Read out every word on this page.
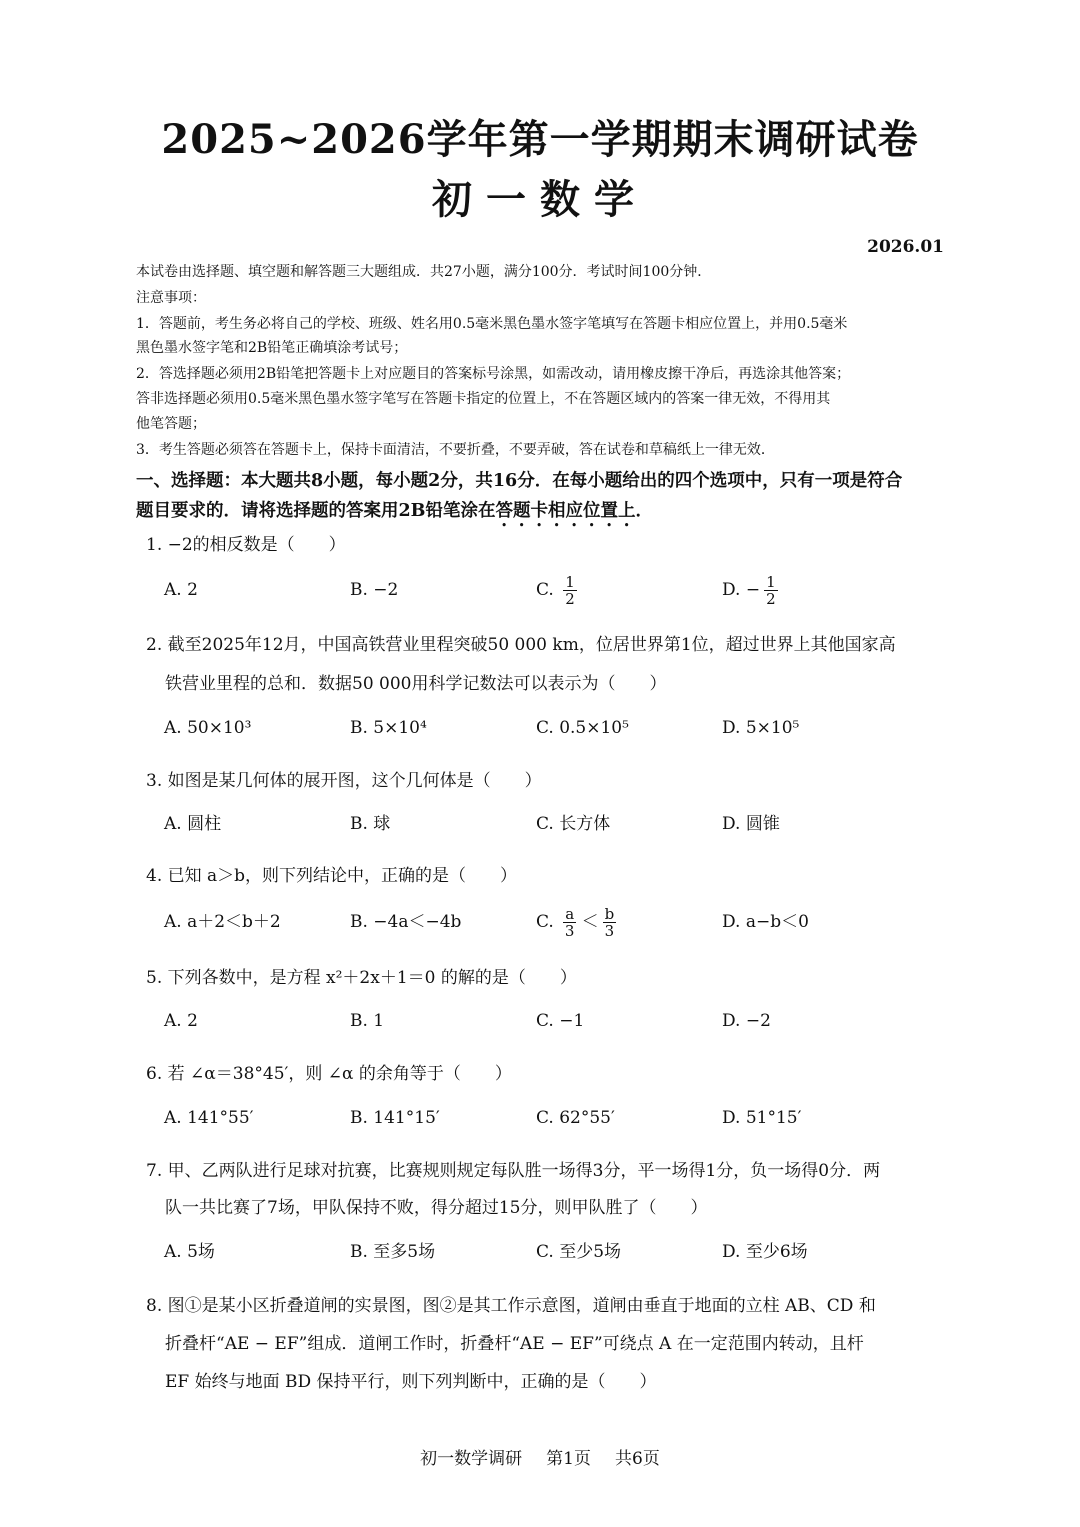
2025~2026学年第一学期期末调研试卷
初一数学
2026.01
本试卷由选择题、填空题和解答题三大题组成．共27小题，满分100分．考试时间100分钟．
注意事项：
1．答题前，考生务必将自己的学校、班级、姓名用0.5毫米黑色墨水签字笔填写在答题卡相应位置上，并用0.5毫米
黑色墨水签字笔和2B铅笔正确填涂考试号；
2．答选择题必须用2B铅笔把答题卡上对应题目的答案标号涂黑，如需改动，请用橡皮擦干净后，再选涂其他答案；
答非选择题必须用0.5毫米黑色墨水签字笔写在答题卡指定的位置上，不在答题区域内的答案一律无效，不得用其
他笔答题；
3．考生答题必须答在答题卡上，保持卡面清洁，不要折叠，不要弄破，答在试卷和草稿纸上一律无效．
一、选择题：本大题共8小题，每小题2分，共16分．在每小题给出的四个选项中，只有一项是符合
题目要求的．请将选择题的答案用2B铅笔涂在答题卡相应位置上．
1. −2的相反数是（　　）
A. 2	B. −2	C. $\frac{1}{2}$	D. − $\frac{1}{2}$
2. 截至2025年12月，中国高铁营业里程突破50 000 km，位居世界第1位，超过世界上其他国家高
铁营业里程的总和．数据50 000用科学记数法可以表示为（　　）
A. 50×10³	B. 5×10⁴	C. 0.5×10⁵	D. 5×10⁵
3. 如图是某几何体的展开图，这个几何体是（　　）
A. 圆柱	B. 球	C. 长方体	D. 圆锥
4. 已知 a＞b，则下列结论中，正确的是（　　）
A. a＋2＜b＋2	B. −4a＜−4b	C. $\frac{a}{3} < \frac{b}{3}$	D. a−b＜0
5. 下列各数中，是方程 x²＋2x＋1＝0 的解的是（　　）
A. 2	B. 1	C. −1	D. −2
6. 若 ∠α＝38°45′，则 ∠α 的余角等于（　　）
A. 141°55′	B. 141°15′	C. 62°55′	D. 51°15′
7. 甲、乙两队进行足球对抗赛，比赛规则规定每队胜一场得3分，平一场得1分，负一场得0分．两
队一共比赛了7场，甲队保持不败，得分超过15分，则甲队胜了（　　）
A. 5场	B. 至多5场	C. 至少5场	D. 至少6场
8. 图①是某小区折叠道闸的实景图，图②是其工作示意图，道闸由垂直于地面的立柱 AB、CD 和
折叠杆“AE − EF”组成．道闸工作时，折叠杆“AE − EF”可绕点 A 在一定范围内转动，且杆
EF 始终与地面 BD 保持平行，则下列判断中，正确的是（　　）
初一数学调研 第1页 共6页
